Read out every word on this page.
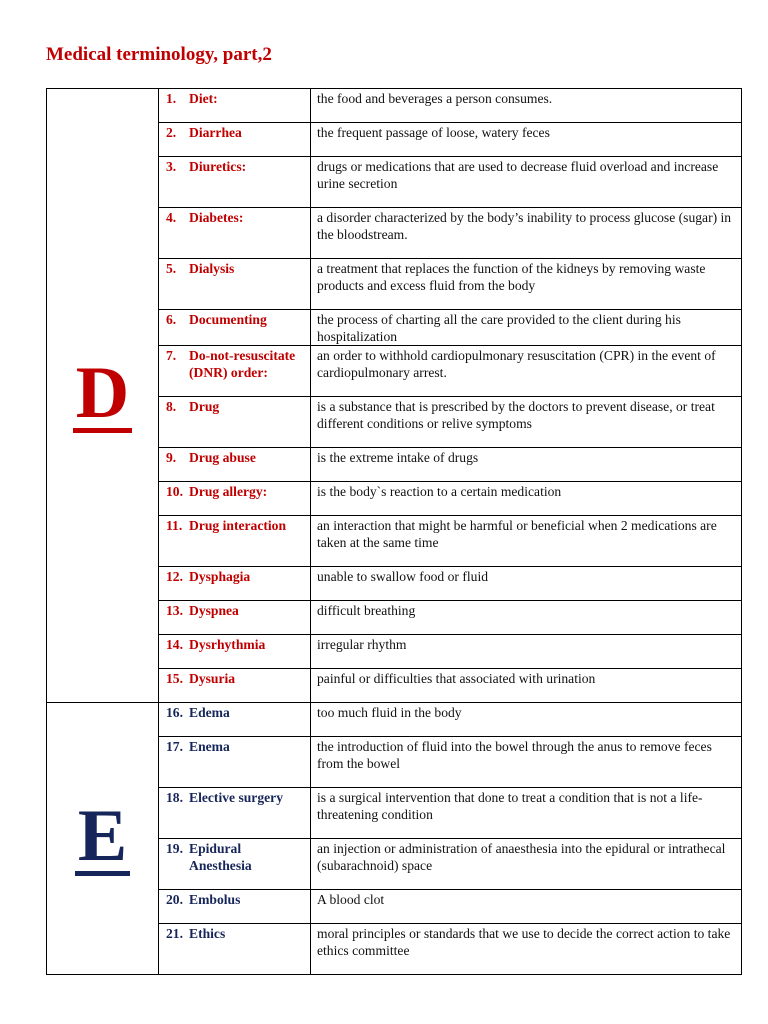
Medical terminology, part,2
D	1. Diet:	the food and beverages a person consumes.

	2. Diarrhea	the frequent passage of loose, watery feces

	3. Diuretics:	drugs or medications that are used to decrease fluid overload and increase urine secretion

	4. Diabetes:	a disorder characterized by the body’s inability to process glucose (sugar) in the bloodstream.

	5. Dialysis	a treatment that replaces the function of the kidneys by removing waste products and excess fluid from the body

	6. Documenting	the process of charting all the care provided to the client during his hospitalization

	7. Do-not-resuscitate (DNR) order:	an order to withhold cardiopulmonary resuscitation (CPR) in the event of cardiopulmonary arrest.

	8. Drug	is a substance that is prescribed by the doctors to prevent disease, or treat different conditions or relive symptoms

	9. Drug abuse	is the extreme intake of drugs

	10. Drug allergy:	is the body`s reaction to a certain medication

	11. Drug interaction	an interaction that might be harmful or beneficial when 2 medications are taken at the same time

	12. Dysphagia	unable to swallow food or fluid

	13. Dyspnea	difficult breathing

	14. Dysrhythmia	irregular rhythm

	15. Dysuria	painful or difficulties that associated with urination
E	16. Edema	too much fluid in the body

	17. Enema	the introduction of fluid into the bowel through the anus to remove feces from the bowel

	18. Elective surgery	is a surgical intervention that done to treat a condition that is not a life-threatening condition

	19. Epidural Anesthesia	an injection or administration of anaesthesia into the epidural or intrathecal (subarachnoid) space

	20. Embolus	A blood clot

	21. Ethics	moral principles or standards that we use to decide the correct action to take ethics committee
